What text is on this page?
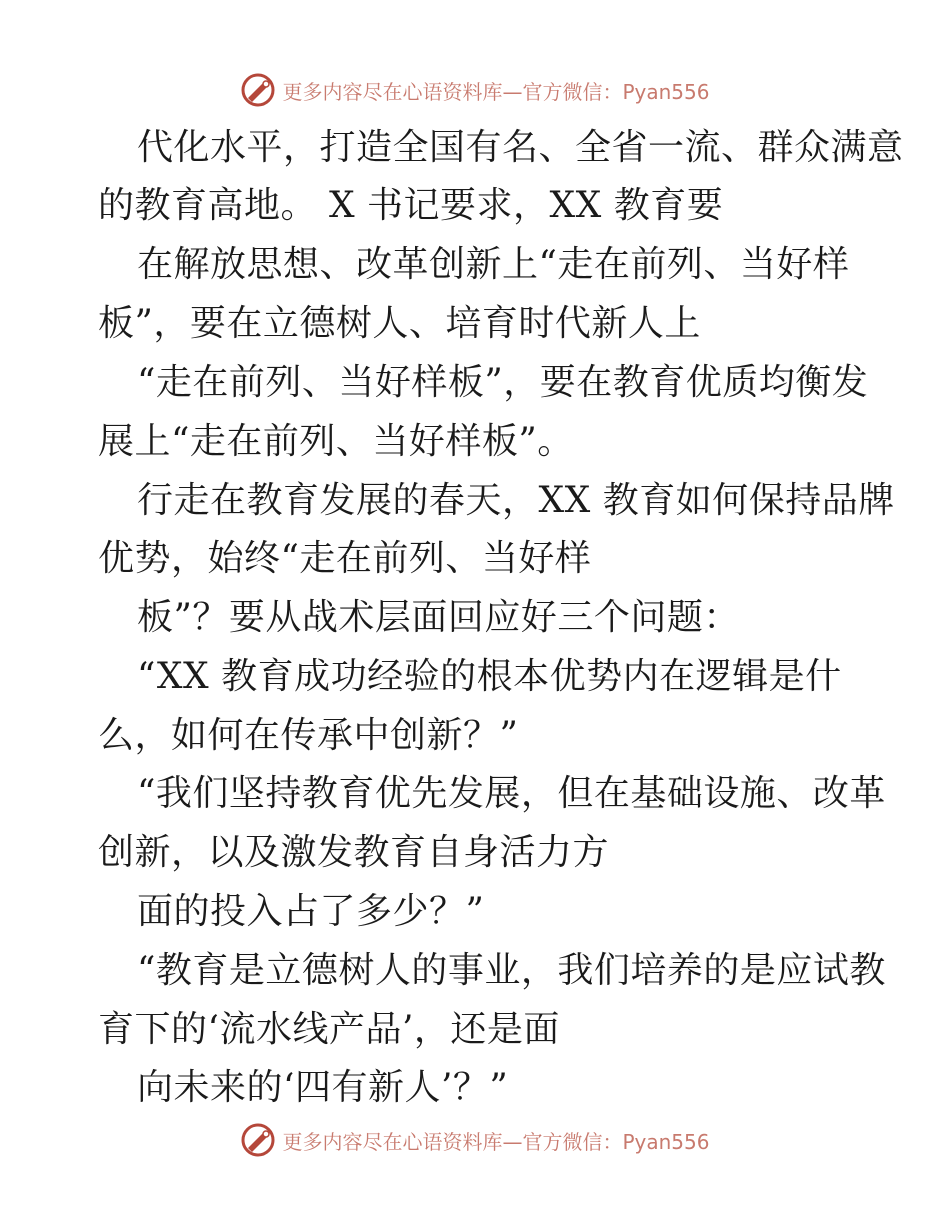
更多内容尽在心语资料库—官方微信：Pyan556
代化水平，打造全国有名、全省一流、群众满意
的教育高地。 X 书记要求，XX 教育要
在解放思想、改革创新上“走在前列、当好样
板”，要在立德树人、培育时代新人上
“走在前列、当好样板”，要在教育优质均衡发
展上“走在前列、当好样板”。
行走在教育发展的春天，XX 教育如何保持品牌
优势，始终“走在前列、当好样
板”？要从战术层面回应好三个问题：
“XX 教育成功经验的根本优势内在逻辑是什
么，如何在传承中创新？”
“我们坚持教育优先发展，但在基础设施、改革
创新，以及激发教育自身活力方
面的投入占了多少？”
“教育是立德树人的事业，我们培养的是应试教
育下的‘流水线产品’，还是面
向未来的‘四有新人’？”
更多内容尽在心语资料库—官方微信：Pyan556
